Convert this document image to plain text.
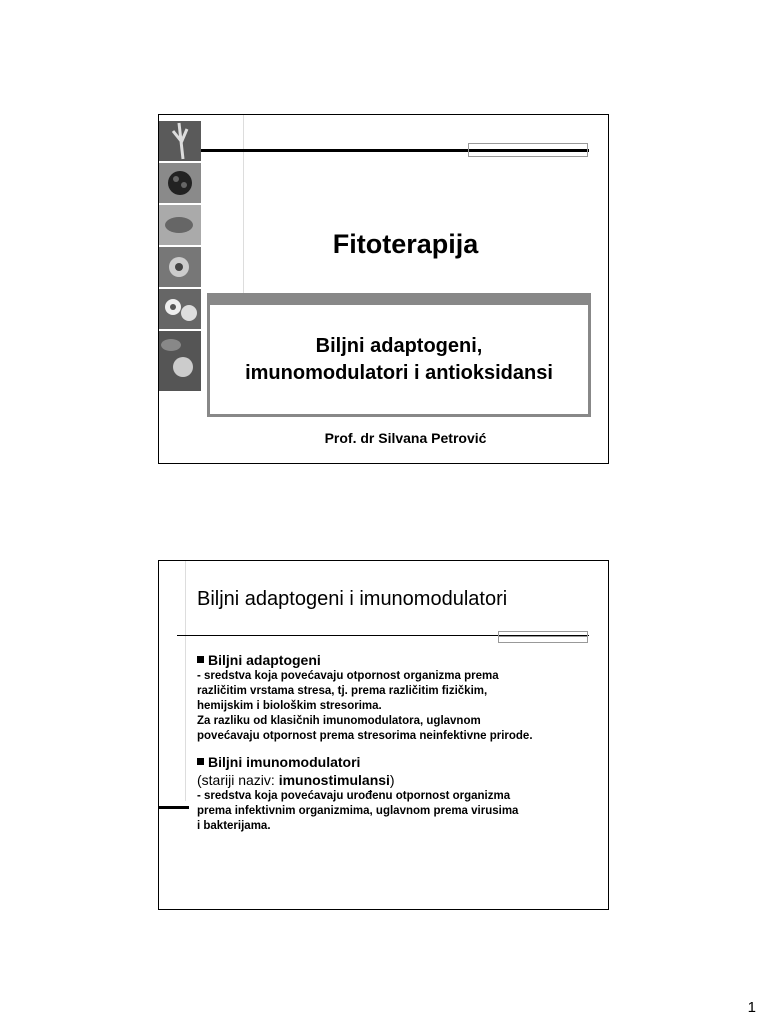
Fitoterapija
Biljni adaptogeni,
imunomodulatori i antioksidansi
Prof. dr Silvana Petrović
Biljni adaptogeni i imunomodulatori
Biljni adaptogeni
- sredstva koja povećavaju otpornost organizma prema
različitim vrstama stresa, tj. prema različitim fizičkim,
hemijskim i biološkim stresorima.
Za razliku od klasičnih imunomodulatora, uglavnom
povećavaju otpornost prema stresorima neinfektivne prirode.
Biljni imunomodulatori
(stariji naziv: imunostimulansi)
- sredstva koja povećavaju urođenu otpornost organizma
prema infektivnim organizmima, uglavnom prema virusima
i bakterijama.
1
